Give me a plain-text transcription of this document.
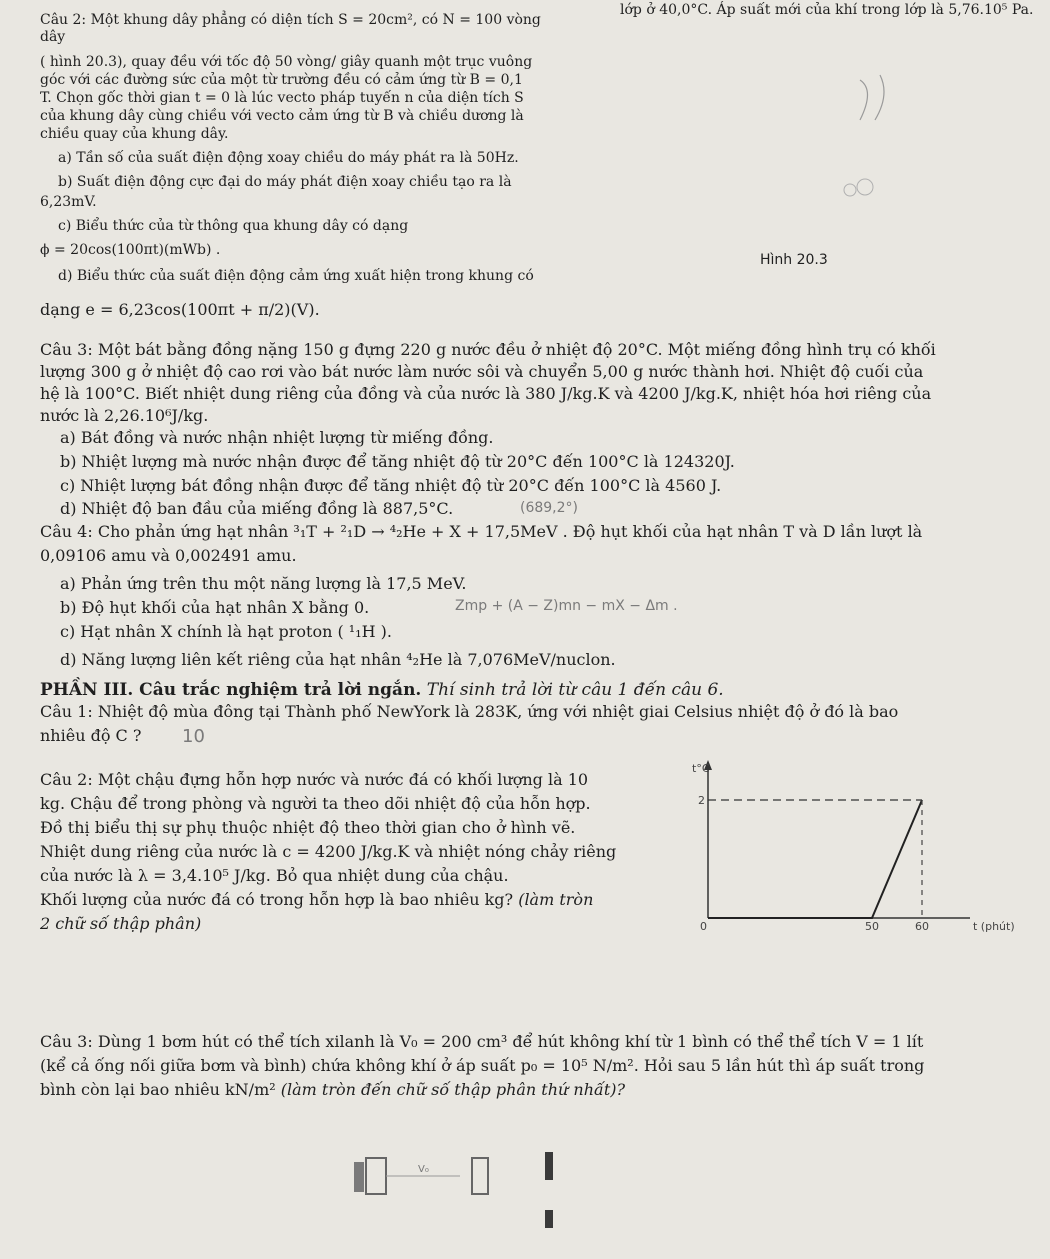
lớp ở 40,0°C. Áp suất mới của khí trong lớp là 5,76.10⁵ Pa.
Câu 2: Một khung dây phẳng có diện tích S = 20cm², có N = 100 vòng
dây
( hình 20.3), quay đều với tốc độ 50 vòng/ giây quanh một trục vuông
góc với các đường sức của một từ trường đều có cảm ứng từ B = 0,1
T. Chọn gốc thời gian t = 0 là lúc vecto pháp tuyến n của diện tích S
của khung dây cùng chiều với vecto cảm ứng từ B và chiều dương là
chiều quay của khung dây.
a) Tần số của suất điện động xoay chiều do máy phát ra là 50Hz.
b) Suất điện động cực đại do máy phát điện xoay chiều tạo ra là
6,23mV.
c) Biểu thức của từ thông qua khung dây có dạng
ϕ = 20cos(100πt)(mWb) .
Hình 20.3
d) Biểu thức của suất điện động cảm ứng xuất hiện trong khung có
dạng e = 6,23cos(100πt + π/2)(V).
Câu 3: Một bát bằng đồng nặng 150 g đựng 220 g nước đều ở nhiệt độ 20°C. Một miếng đồng hình trụ có khối
lượng 300 g ở nhiệt độ cao rơi vào bát nước làm nước sôi và chuyển 5,00 g nước thành hơi. Nhiệt độ cuối của
hệ là 100°C. Biết nhiệt dung riêng của đồng và của nước là 380 J/kg.K và 4200 J/kg.K, nhiệt hóa hơi riêng của
nước là 2,26.10⁶J/kg.
a) Bát đồng và nước nhận nhiệt lượng từ miếng đồng.
b) Nhiệt lượng mà nước nhận được để tăng nhiệt độ từ 20°C đến 100°C là 124320J.
c) Nhiệt lượng bát đồng nhận được để tăng nhiệt độ từ 20°C đến 100°C là 4560 J.
d) Nhiệt độ ban đầu của miếng đồng là 887,5°C.	(689,2°)
Câu 4: Cho phản ứng hạt nhân ³₁T + ²₁D → ⁴₂He + X + 17,5MeV . Độ hụt khối của hạt nhân T và D lần lượt là
0,09106 amu và 0,002491 amu.
a) Phản ứng trên thu một năng lượng là 17,5 MeV.
b) Độ hụt khối của hạt nhân X bằng 0.	Zmp + (A − Z)mn − mX − Δm .
c) Hạt nhân X chính là hạt proton ( ¹₁H ).
d) Năng lượng liên kết riêng của hạt nhân ⁴₂He là 7,076MeV/nuclon.
PHẦN III. Câu trắc nghiệm trả lời ngắn. Thí sinh trả lời từ câu 1 đến câu 6.
Câu 1: Nhiệt độ mùa đông tại Thành phố NewYork là 283K, ứng với nhiệt giai Celsius nhiệt độ ở đó là bao
nhiêu độ C ? 10
Câu 2: Một chậu đựng hỗn hợp nước và nước đá có khối lượng là 10
kg. Chậu để trong phòng và người ta theo dõi nhiệt độ của hỗn hợp.
Đồ thị biểu thị sự phụ thuộc nhiệt độ theo thời gian cho ở hình vẽ.
Nhiệt dung riêng của nước là c = 4200 J/kg.K và nhiệt nóng chảy riêng
của nước là λ = 3,4.10⁵ J/kg. Bỏ qua nhiệt dung của chậu.
Khối lượng của nước đá có trong hỗn hợp là bao nhiêu kg? (làm tròn
2 chữ số thập phân)
t°C
2
0	50	60	t (phút)
Câu 3: Dùng 1 bơm hút có thể tích xilanh là V₀ = 200 cm³ để hút không khí từ 1 bình có thể thể tích V = 1 lít
(kể cả ống nối giữa bơm và bình) chứa không khí ở áp suất p₀ = 10⁵ N/m². Hỏi sau 5 lần hút thì áp suất trong
bình còn lại bao nhiêu kN/m² (làm tròn đến chữ số thập phân thứ nhất)?
V₀
